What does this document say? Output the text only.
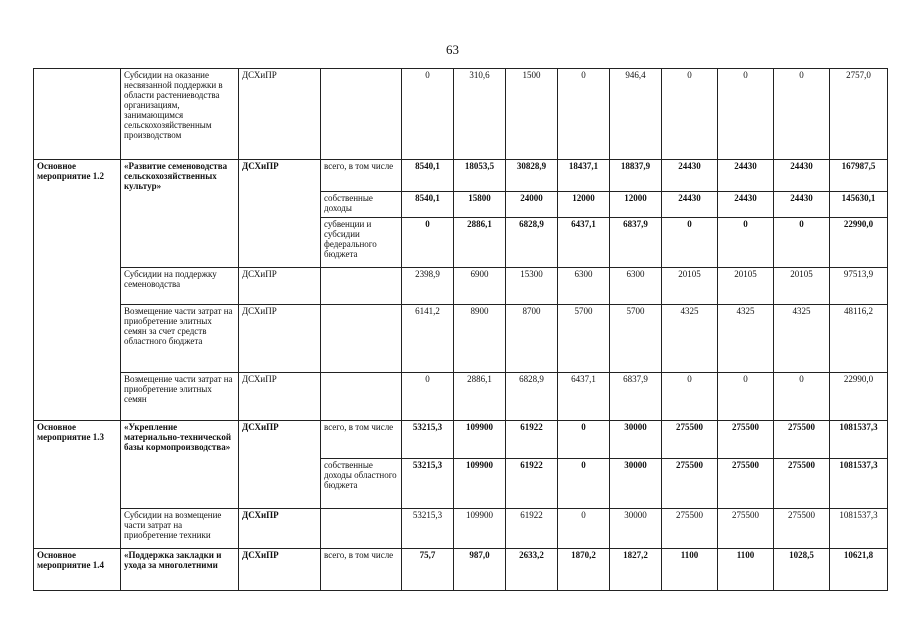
63
	Субсидии на оказание несвязанной поддержки в области растениеводства организациям, занимающимся сельскохозяйственным производством	ДСХиПР		0	310,6	1500	0	946,4	0	0	0	2757,0
Основное мероприятие 1.2	«Развитие семеноводства сельскохозяйственных культур»	ДСХиПР	всего, в том числе	8540,1	18053,5	30828,9	18437,1	18837,9	24430	24430	24430	167987,5
			собственные доходы	8540,1	15800	24000	12000	12000	24430	24430	24430	145630,1
			субвенции и субсидии федерального бюджета	0	2886,1	6828,9	6437,1	6837,9	0	0	0	22990,0
	Субсидии на поддержку семеноводства	ДСХиПР		2398,9	6900	15300	6300	6300	20105	20105	20105	97513,9
	Возмещение части затрат на приобретение элитных семян за счет средств областного бюджета	ДСХиПР		6141,2	8900	8700	5700	5700	4325	4325	4325	48116,2
	Возмещение части затрат на приобретение элитных семян	ДСХиПР		0	2886,1	6828,9	6437,1	6837,9	0	0	0	22990,0
Основное мероприятие 1.3	«Укрепление материально-технической базы кормопроизводства»	ДСХиПР	всего, в том числе	53215,3	109900	61922	0	30000	275500	275500	275500	1081537,3
			собственные доходы областного бюджета	53215,3	109900	61922	0	30000	275500	275500	275500	1081537,3
	Субсидии на возмещение части затрат на приобретение техники	ДСХиПР		53215,3	109900	61922	0	30000	275500	275500	275500	1081537,3
Основное мероприятие 1.4	«Поддержка закладки и ухода за многолетними	ДСХиПР	всего, в том числе	75,7	987,0	2633,2	1870,2	1827,2	1100	1100	1028,5	10621,8
